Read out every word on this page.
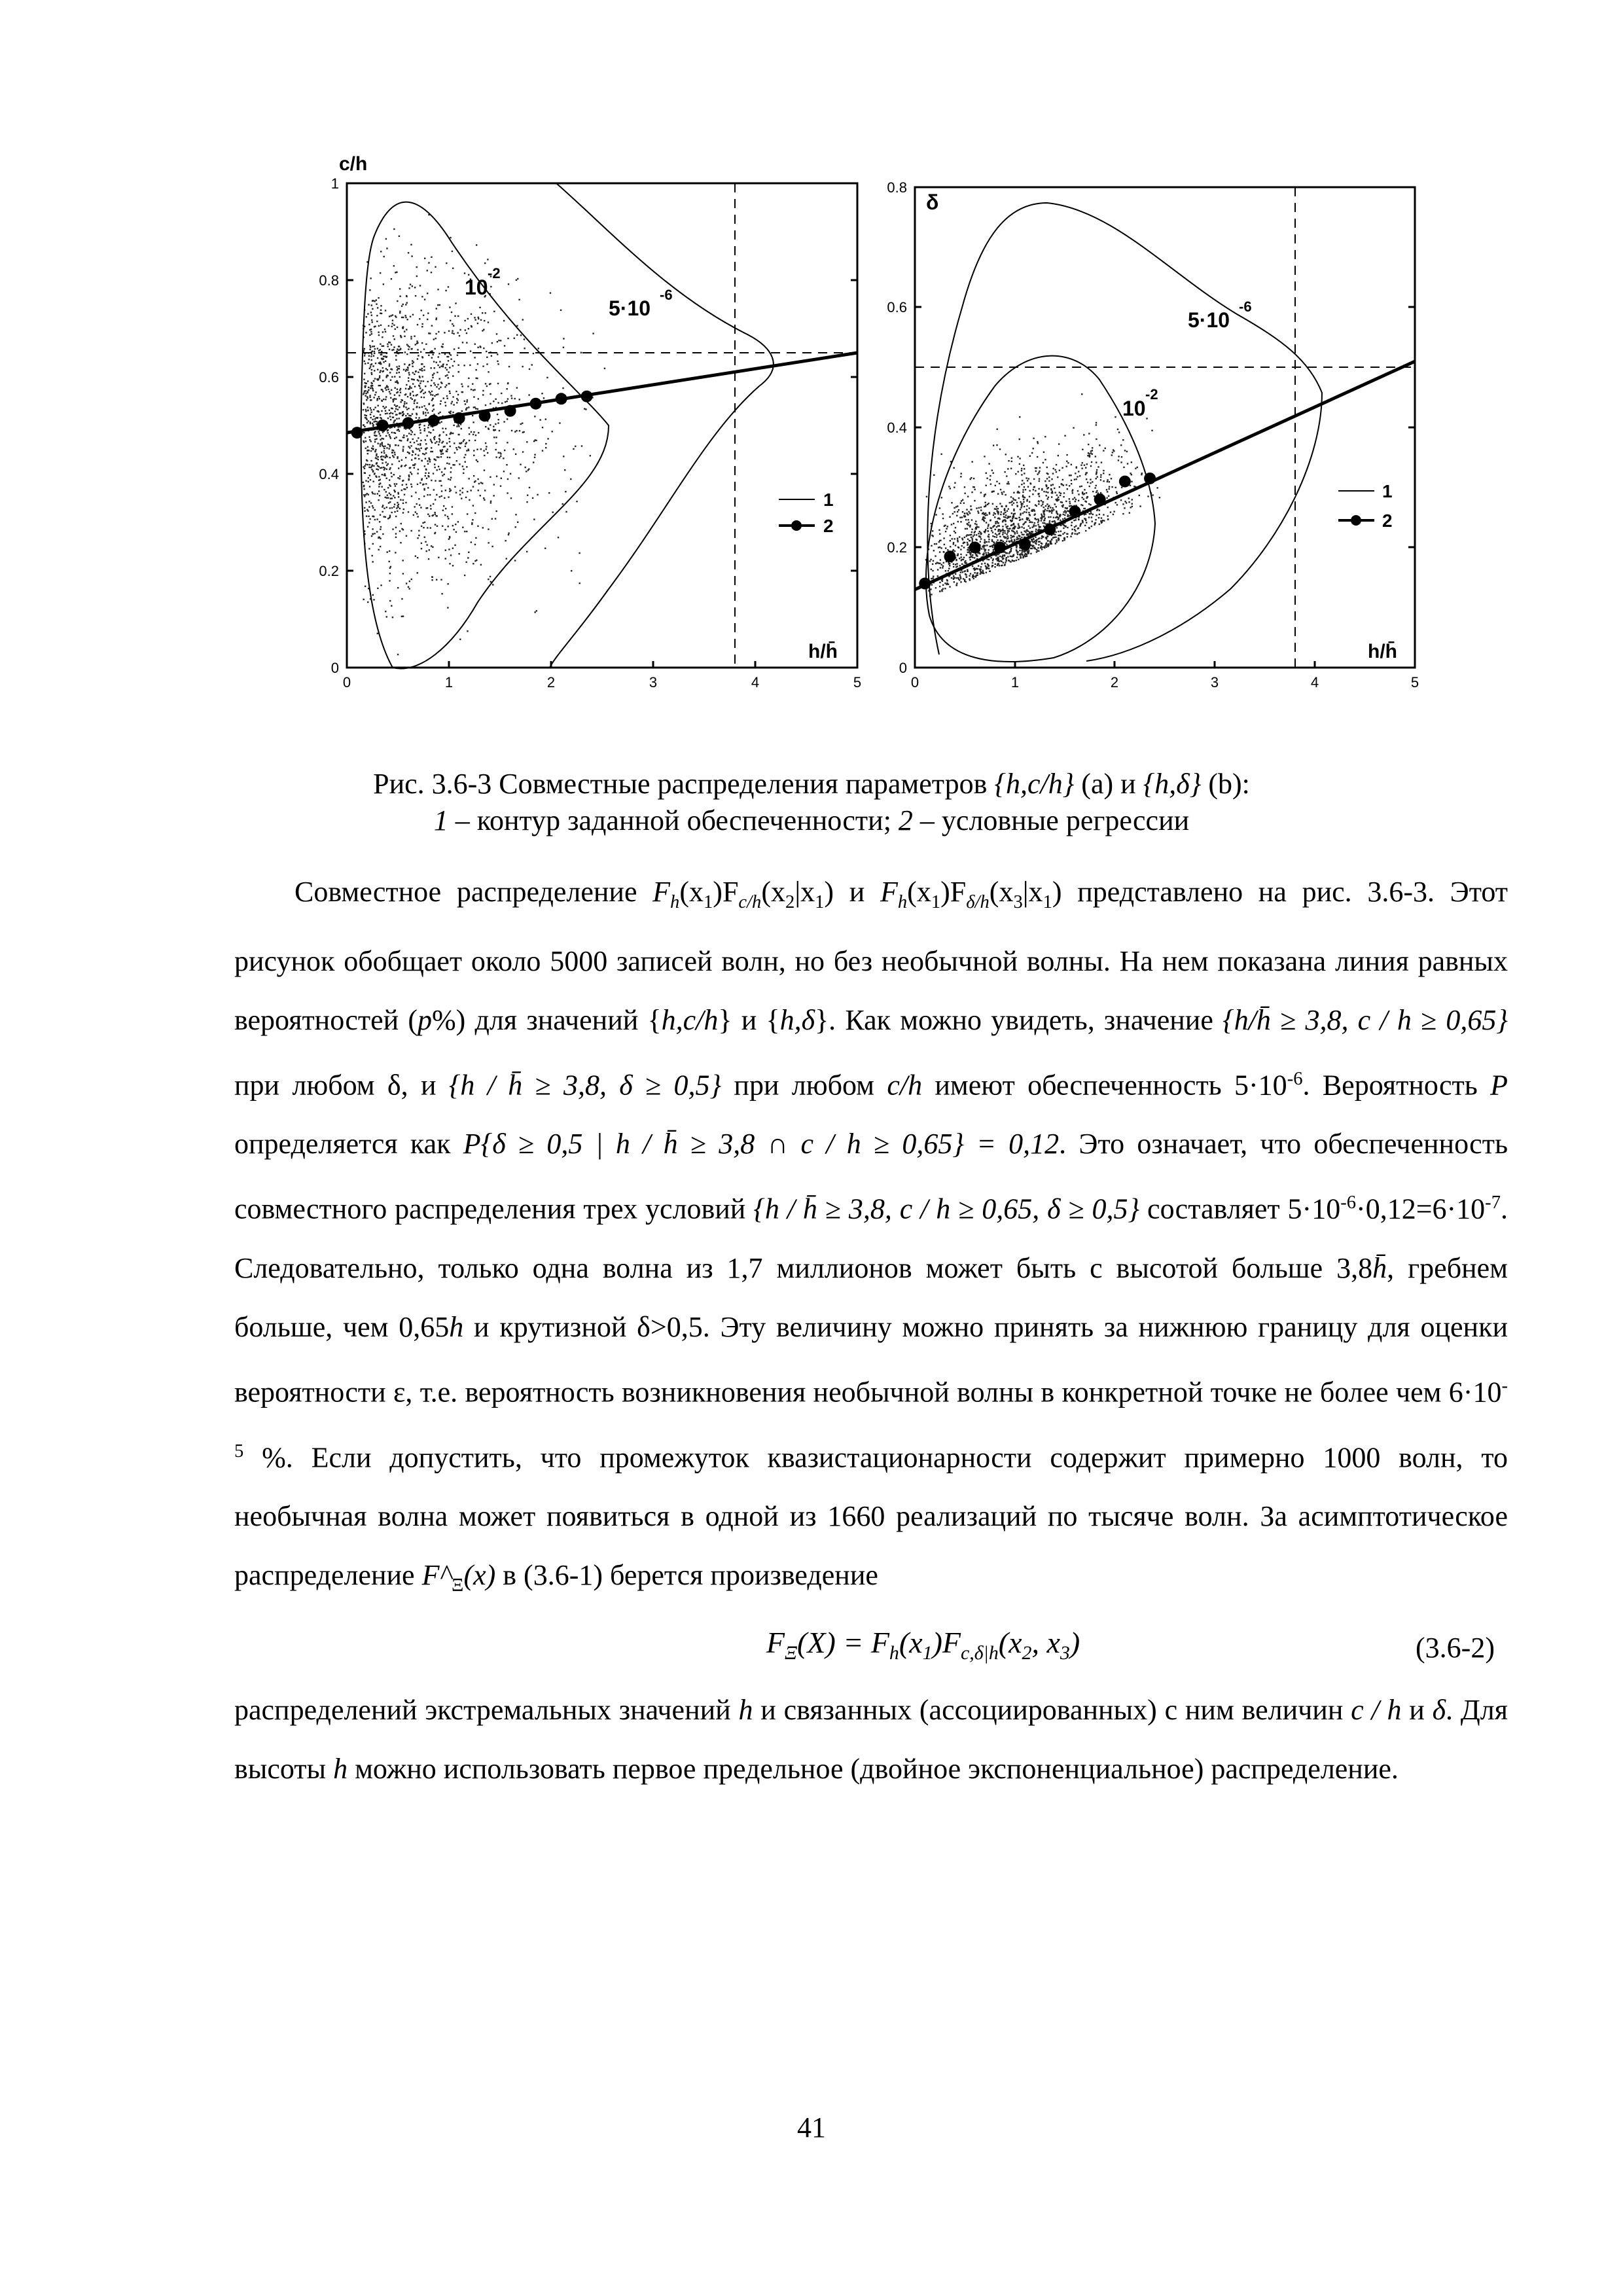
c/h
h/h̄
0	1	2	3	4	5
0
0.2
0.4
0.6
0.8
1
10
-2
5·10
-6
1
2
δ
h/h̄
0	1	2	3	4	5
0
0.2
0.4
0.6
0.8
10
-2
5·10
-6
1
2
Рис. 3.6-3 Совместные распределения параметров {h,c/h} (a) и {h,δ} (b):
1 – контур заданной обеспеченности; 2 – условные регрессии

Совместное распределение $F_h(x_1)F_{c/h}(x_2|x_1)$ и $F_h(x_1)F_{\delta/h}(x_3|x_1)$ представлено на рис. 3.6-3. Этот рисунок обобщает около 5000 записей волн, но без необычной волны. На нем показана линия равных вероятностей (p%) для значений {h,c/h} и {h,δ}. Как можно увидеть, значение {h/h̄ ≥ 3,8, c / h ≥ 0,65} при любом δ, и {h / h̄ ≥ 3,8, δ ≥ 0,5} при любом c/h имеют обеспеченность $5\cdot 10^{-6}$. Вероятность P определяется как P{δ ≥ 0,5 | h / h̄ ≥ 3,8 ∩ c / h ≥ 0,65} = 0,12. Это означает, что обеспеченность совместного распределения трех условий {h / h̄ ≥ 3,8, c / h ≥ 0,65, δ ≥ 0,5} составляет $5\cdot 10^{-6}\cdot 0,12=6\cdot 10^{-7}$. Следовательно, только одна волна из 1,7 миллионов может быть с высотой больше 3,8h̄, гребнем больше, чем 0,65h и крутизной δ>0,5. Эту величину можно принять за нижнюю границу для оценки вероятности ε, т.е. вероятность возникновения необычной волны в конкретной точке не более чем $6\cdot 10^{-5}$ %. Если допустить, что промежуток квазистационарности содержит примерно 1000 волн, то необычная волна может появиться в одной из 1660 реализаций по тысяче волн. За асимптотическое распределение $F\^{}_\Xi(x)$ в (3.6-1) берется произведение

$F_\Xi(X) = F_h(x_1)F_{c,\delta|h}(x_2$, $x_3$)	(3.6-2)

распределений экстремальных значений h и связанных (ассоциированных) с ним величин c / h и δ. Для высоты h можно использовать первое предельное (двойное экспоненциальное) распределение.

41
